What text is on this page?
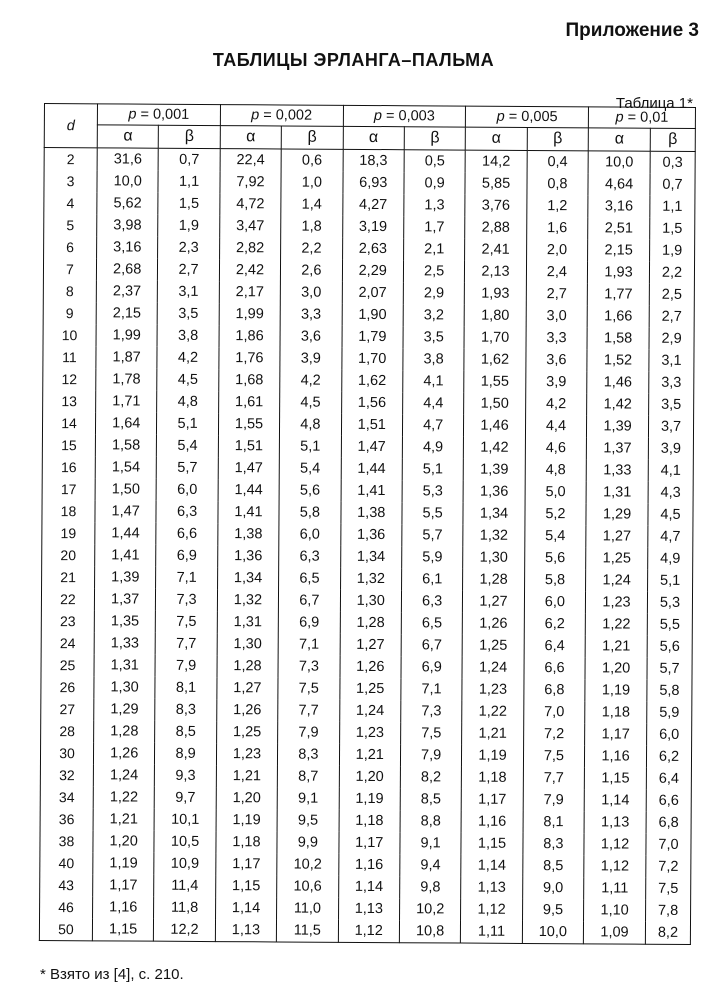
Приложение 3
ТАБЛИЦЫ ЭРЛАНГА–ПАЛЬМА
Таблица 1*
d	p = 0,001		p = 0,002		p = 0,003		p = 0,005		p = 0,01	
	α	β	α	β	α	β	α	β	α	β
2	31,6	0,7	22,4	0,6	18,3	0,5	14,2	0,4	10,0	0,3
3	10,0	1,1	7,92	1,0	6,93	0,9	5,85	0,8	4,64	0,7
4	5,62	1,5	4,72	1,4	4,27	1,3	3,76	1,2	3,16	1,1
5	3,98	1,9	3,47	1,8	3,19	1,7	2,88	1,6	2,51	1,5
6	3,16	2,3	2,82	2,2	2,63	2,1	2,41	2,0	2,15	1,9
7	2,68	2,7	2,42	2,6	2,29	2,5	2,13	2,4	1,93	2,2
8	2,37	3,1	2,17	3,0	2,07	2,9	1,93	2,7	1,77	2,5
9	2,15	3,5	1,99	3,3	1,90	3,2	1,80	3,0	1,66	2,7
10	1,99	3,8	1,86	3,6	1,79	3,5	1,70	3,3	1,58	2,9
11	1,87	4,2	1,76	3,9	1,70	3,8	1,62	3,6	1,52	3,1
12	1,78	4,5	1,68	4,2	1,62	4,1	1,55	3,9	1,46	3,3
13	1,71	4,8	1,61	4,5	1,56	4,4	1,50	4,2	1,42	3,5
14	1,64	5,1	1,55	4,8	1,51	4,7	1,46	4,4	1,39	3,7
15	1,58	5,4	1,51	5,1	1,47	4,9	1,42	4,6	1,37	3,9
16	1,54	5,7	1,47	5,4	1,44	5,1	1,39	4,8	1,33	4,1
17	1,50	6,0	1,44	5,6	1,41	5,3	1,36	5,0	1,31	4,3
18	1,47	6,3	1,41	5,8	1,38	5,5	1,34	5,2	1,29	4,5
19	1,44	6,6	1,38	6,0	1,36	5,7	1,32	5,4	1,27	4,7
20	1,41	6,9	1,36	6,3	1,34	5,9	1,30	5,6	1,25	4,9
21	1,39	7,1	1,34	6,5	1,32	6,1	1,28	5,8	1,24	5,1
22	1,37	7,3	1,32	6,7	1,30	6,3	1,27	6,0	1,23	5,3
23	1,35	7,5	1,31	6,9	1,28	6,5	1,26	6,2	1,22	5,5
24	1,33	7,7	1,30	7,1	1,27	6,7	1,25	6,4	1,21	5,6
25	1,31	7,9	1,28	7,3	1,26	6,9	1,24	6,6	1,20	5,7
26	1,30	8,1	1,27	7,5	1,25	7,1	1,23	6,8	1,19	5,8
27	1,29	8,3	1,26	7,7	1,24	7,3	1,22	7,0	1,18	5,9
28	1,28	8,5	1,25	7,9	1,23	7,5	1,21	7,2	1,17	6,0
30	1,26	8,9	1,23	8,3	1,21	7,9	1,19	7,5	1,16	6,2
32	1,24	9,3	1,21	8,7	1,20	8,2	1,18	7,7	1,15	6,4
34	1,22	9,7	1,20	9,1	1,19	8,5	1,17	7,9	1,14	6,6
36	1,21	10,1	1,19	9,5	1,18	8,8	1,16	8,1	1,13	6,8
38	1,20	10,5	1,18	9,9	1,17	9,1	1,15	8,3	1,12	7,0
40	1,19	10,9	1,17	10,2	1,16	9,4	1,14	8,5	1,12	7,2
43	1,17	11,4	1,15	10,6	1,14	9,8	1,13	9,0	1,11	7,5
46	1,16	11,8	1,14	11,0	1,13	10,2	1,12	9,5	1,10	7,8
50	1,15	12,2	1,13	11,5	1,12	10,8	1,11	10,0	1,09	8,2
* Взято из [4], с. 210.
